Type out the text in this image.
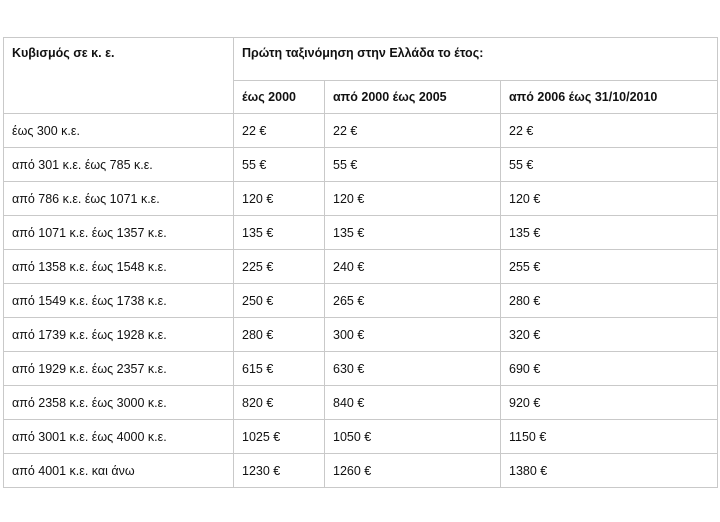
Κυβισμός σε κ. ε.	Πρώτη ταξινόμηση στην Ελλάδα το έτος:		
	έως 2000	από 2000 έως 2005	από 2006 έως 31/10/2010
έως 300 κ.ε.	22 €	22 €	22 €
από 301 κ.ε. έως 785 κ.ε.	55 €	55 €	55 €
από 786 κ.ε. έως 1071 κ.ε.	120 €	120 €	120 €
από 1071 κ.ε. έως 1357 κ.ε.	135 €	135 €	135 €
από 1358 κ.ε. έως 1548 κ.ε.	225 €	240 €	255 €
από 1549 κ.ε. έως 1738 κ.ε.	250 €	265 €	280 €
από 1739 κ.ε. έως 1928 κ.ε.	280 €	300 €	320 €
από 1929 κ.ε. έως 2357 κ.ε.	615 €	630 €	690 €
από 2358 κ.ε. έως 3000 κ.ε.	820 €	840 €	920 €
από 3001 κ.ε. έως 4000 κ.ε.	1025 €	1050 €	1150 €
από 4001 κ.ε. και άνω	1230 €	1260 €	1380 €
